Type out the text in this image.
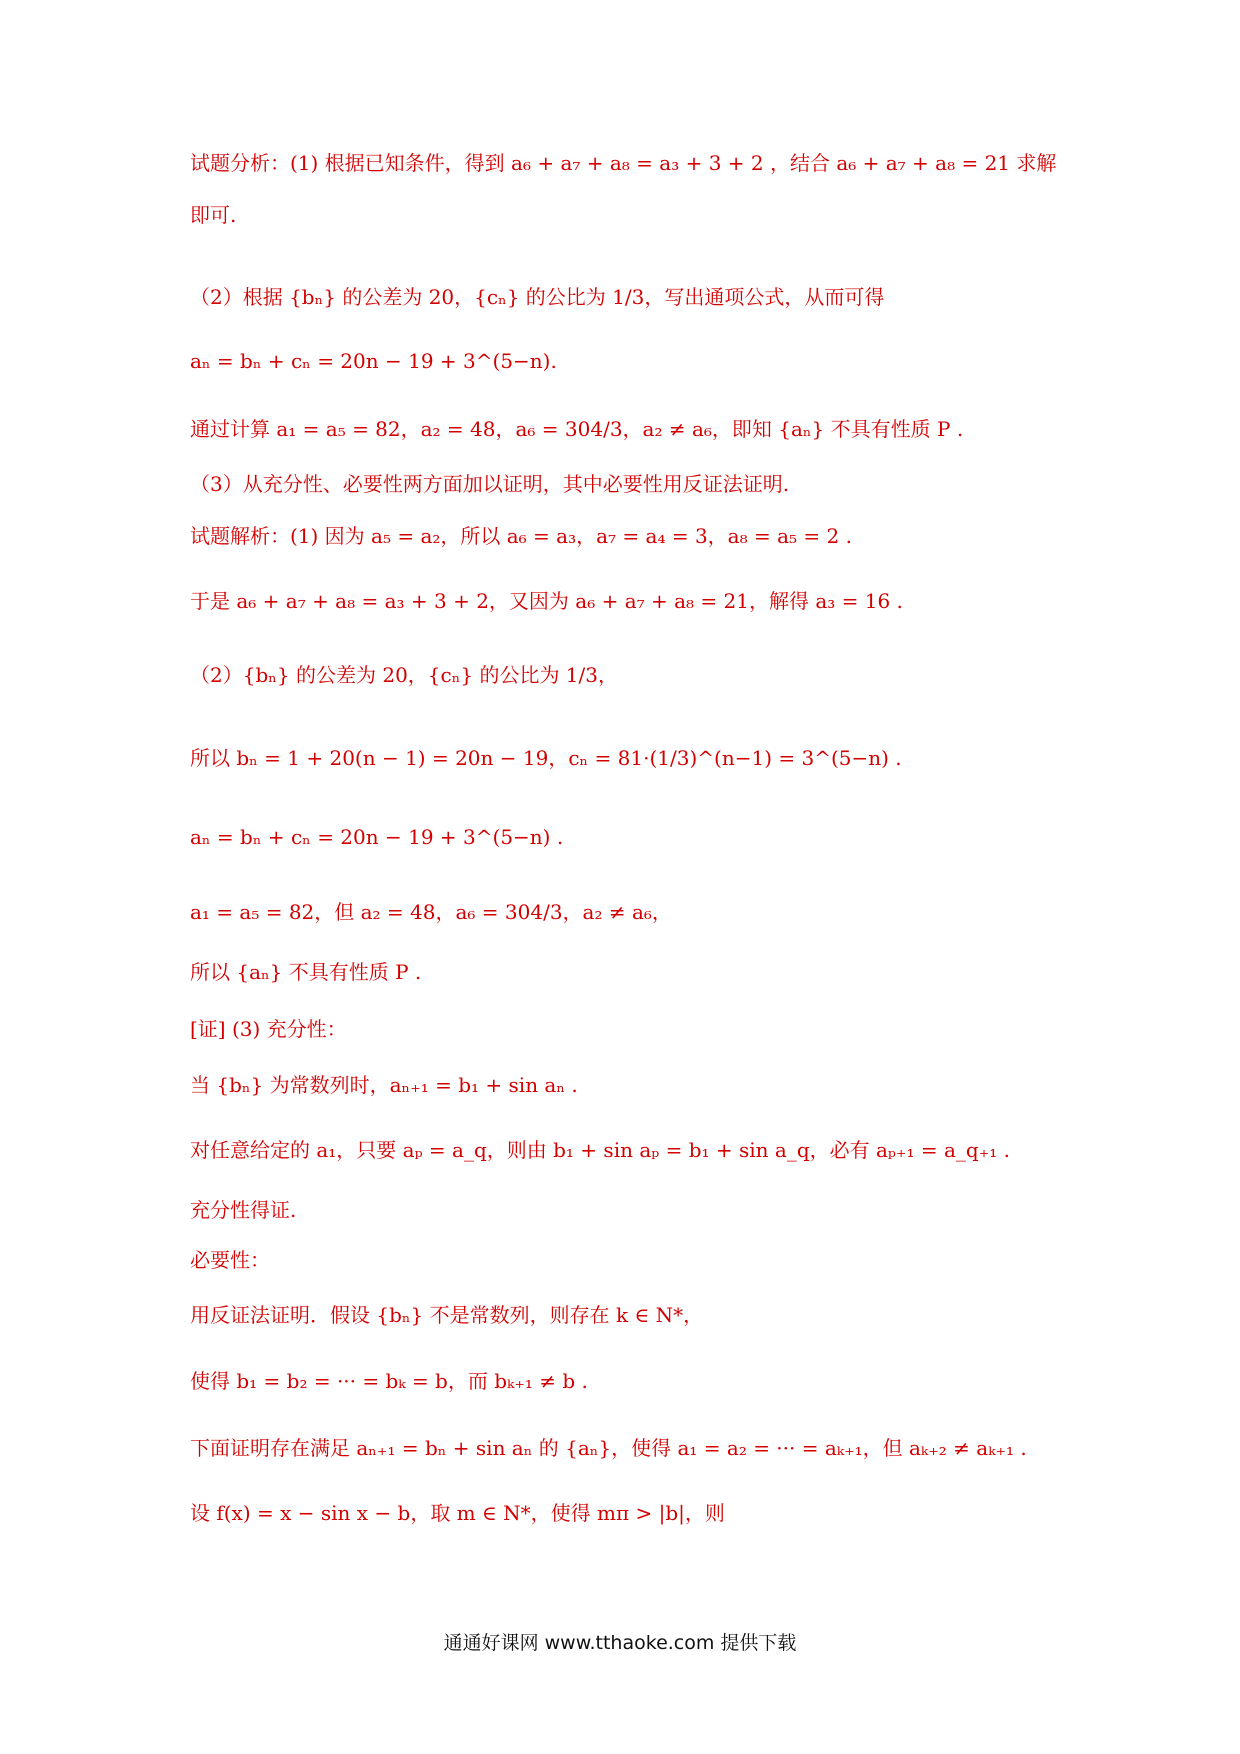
试题分析：(1) 根据已知条件，得到 a₆ + a₇ + a₈ = a₃ + 3 + 2 ，结合 a₆ + a₇ + a₈ = 21 求解

即可.

（2）根据 {bₙ} 的公差为 20，{cₙ} 的公比为 1/3，写出通项公式，从而可得

aₙ = bₙ + cₙ = 20n − 19 + 3^(5−n).

通过计算 a₁ = a₅ = 82，a₂ = 48，a₆ = 304/3，a₂ ≠ a₆，即知 {aₙ} 不具有性质 P .

（3）从充分性、必要性两方面加以证明，其中必要性用反证法证明.

试题解析：(1) 因为 a₅ = a₂，所以 a₆ = a₃，a₇ = a₄ = 3，a₈ = a₅ = 2 .

于是 a₆ + a₇ + a₈ = a₃ + 3 + 2，又因为 a₆ + a₇ + a₈ = 21，解得 a₃ = 16 .

（2）{bₙ} 的公差为 20，{cₙ} 的公比为 1/3，

所以 bₙ = 1 + 20(n − 1) = 20n − 19，cₙ = 81·(1/3)^(n−1) = 3^(5−n) .

aₙ = bₙ + cₙ = 20n − 19 + 3^(5−n) .

a₁ = a₅ = 82，但 a₂ = 48，a₆ = 304/3，a₂ ≠ a₆，

所以 {aₙ} 不具有性质 P .

[证] (3) 充分性：

当 {bₙ} 为常数列时，aₙ₊₁ = b₁ + sin aₙ .

对任意给定的 a₁，只要 aₚ = a_q，则由 b₁ + sin aₚ = b₁ + sin a_q，必有 aₚ₊₁ = a_q₊₁ .

充分性得证.

必要性：

用反证法证明．假设 {bₙ} 不是常数列，则存在 k ∈ N*，

使得 b₁ = b₂ = ··· = bₖ = b，而 bₖ₊₁ ≠ b .

下面证明存在满足 aₙ₊₁ = bₙ + sin aₙ 的 {aₙ}，使得 a₁ = a₂ = ··· = aₖ₊₁，但 aₖ₊₂ ≠ aₖ₊₁ .

设 f(x) = x − sin x − b，取 m ∈ N*，使得 mπ > |b|，则

通通好课网 www.tthaoke.com 提供下载
